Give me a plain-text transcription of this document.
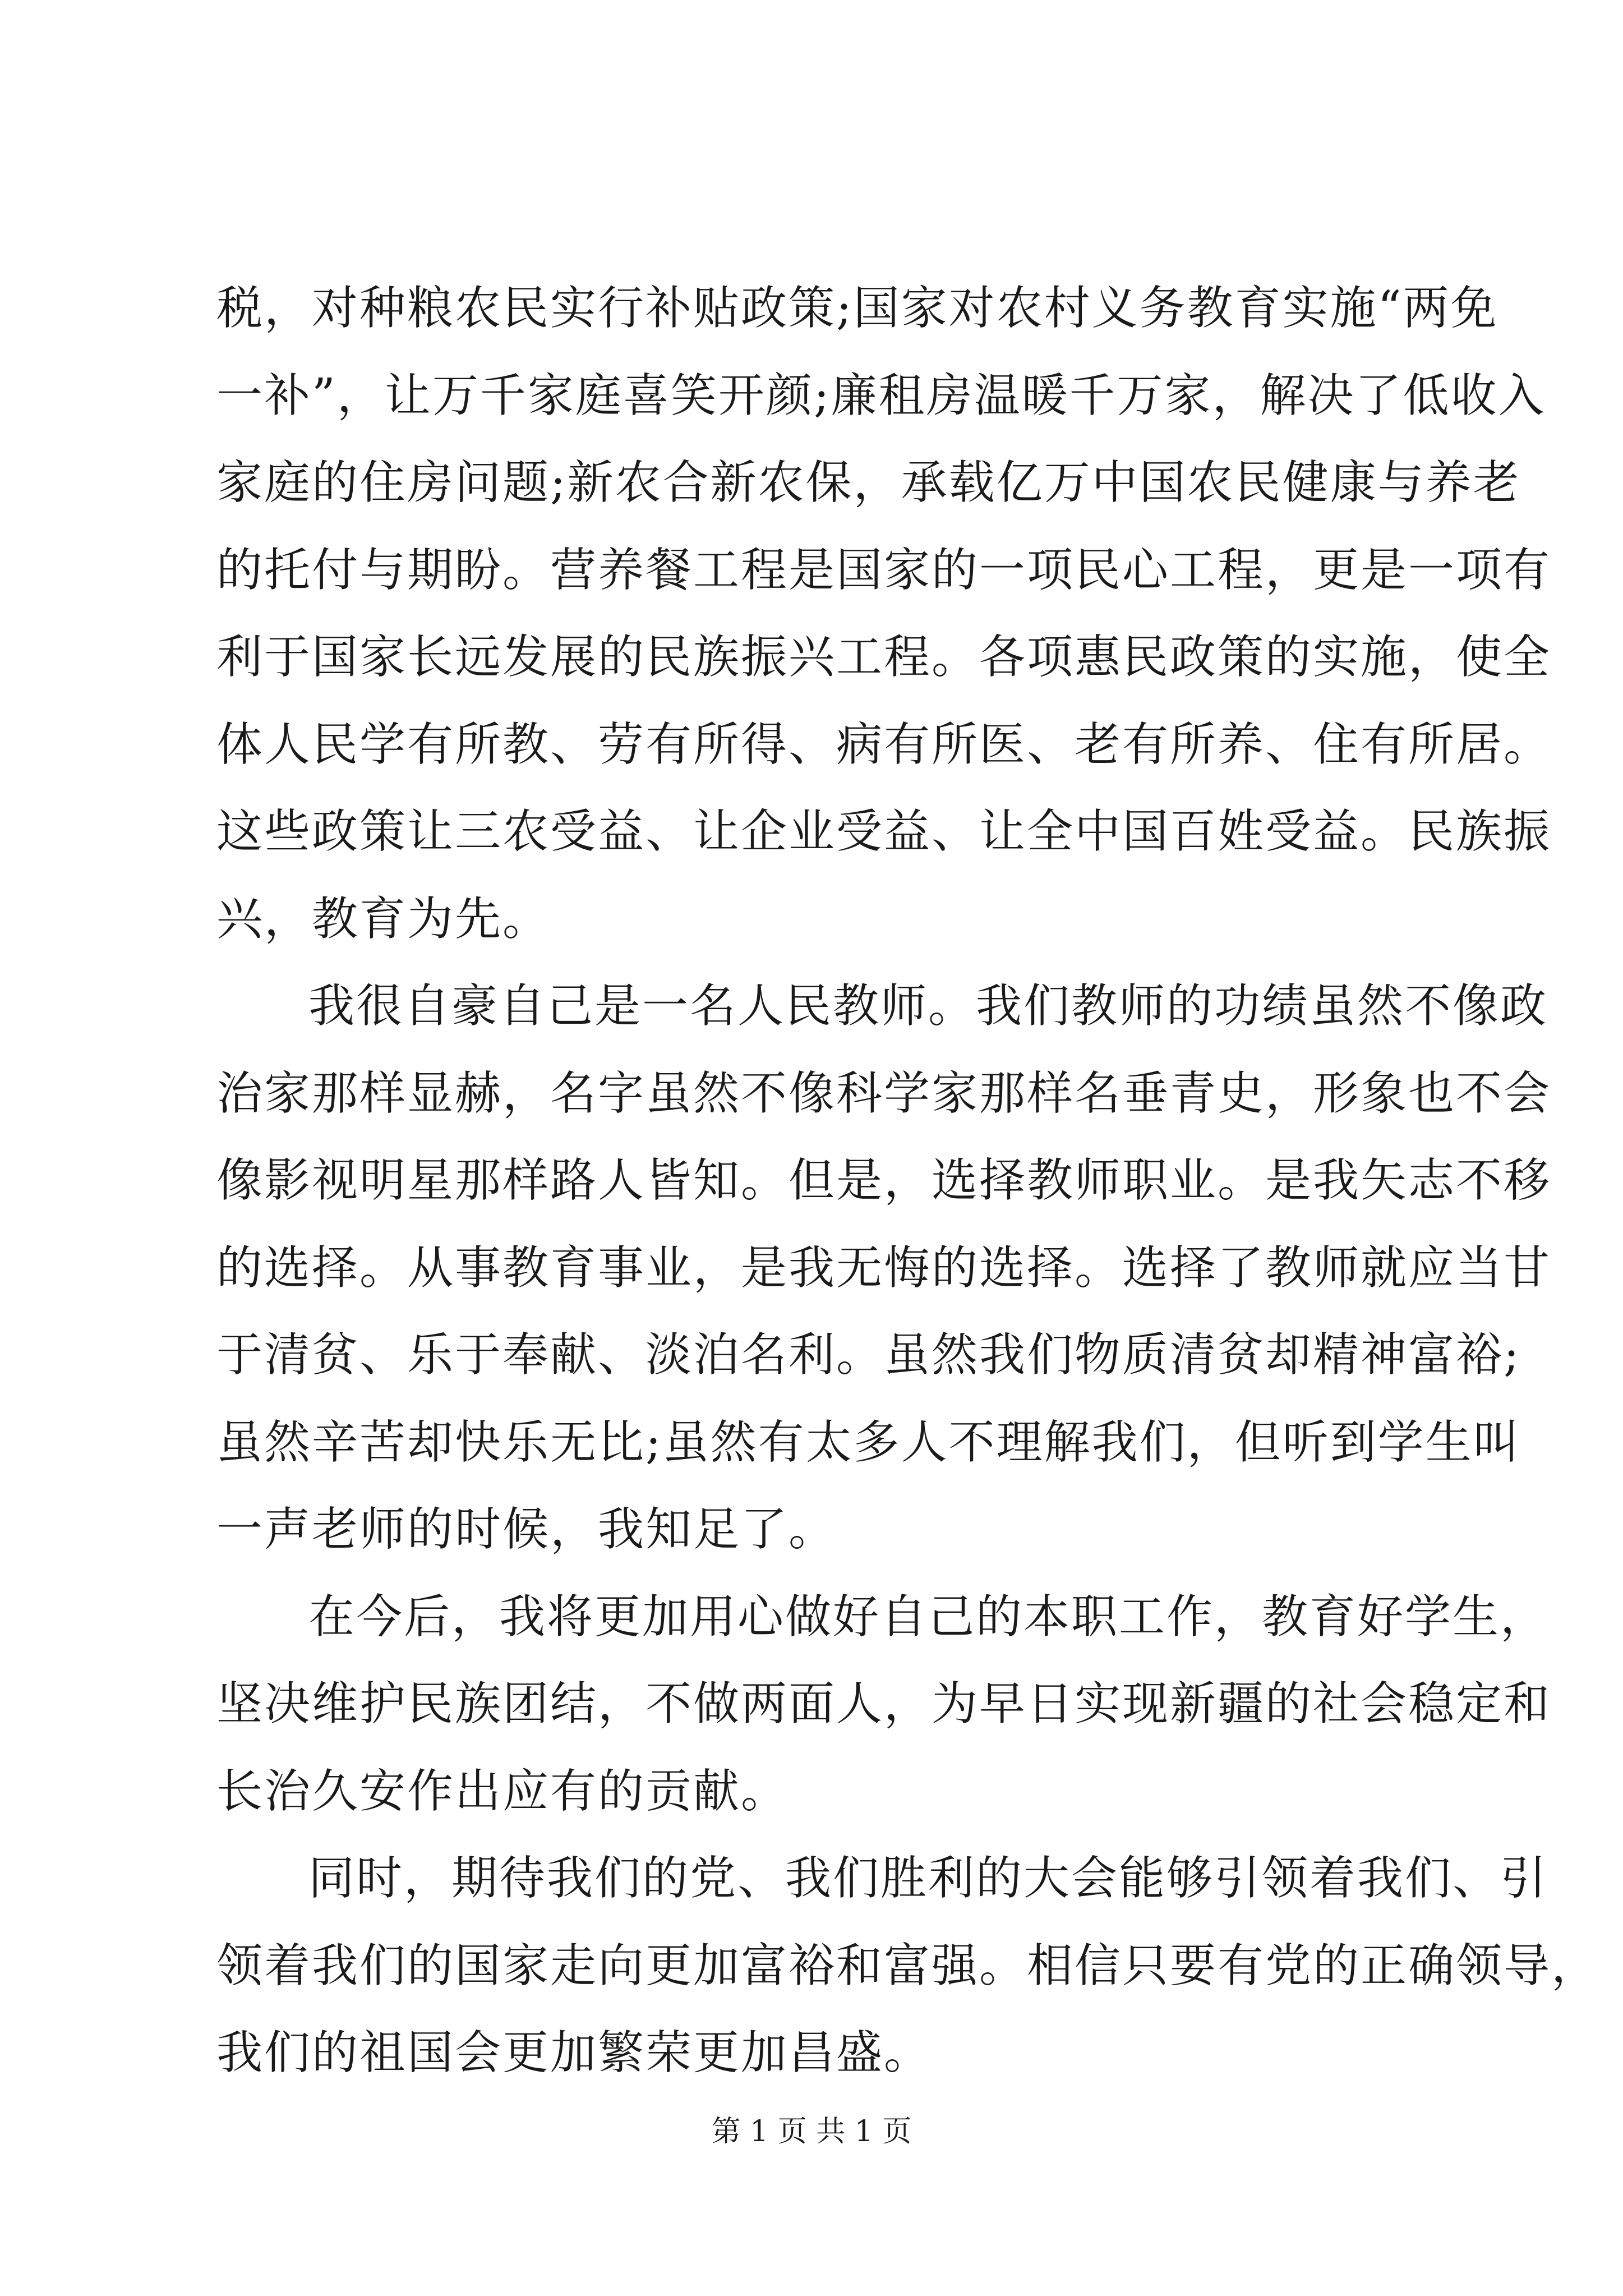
税，对种粮农民实行补贴政策;国家对农村义务教育实施“两免
一补”，让万千家庭喜笑开颜;廉租房温暖千万家，解决了低收入
家庭的住房问题;新农合新农保，承载亿万中国农民健康与养老
的托付与期盼。营养餐工程是国家的一项民心工程，更是一项有
利于国家长远发展的民族振兴工程。各项惠民政策的实施，使全
体人民学有所教、劳有所得、病有所医、老有所养、住有所居。
这些政策让三农受益、让企业受益、让全中国百姓受益。民族振
兴，教育为先。
我很自豪自己是一名人民教师。我们教师的功绩虽然不像政
治家那样显赫，名字虽然不像科学家那样名垂青史，形象也不会
像影视明星那样路人皆知。但是，选择教师职业。是我矢志不移
的选择。从事教育事业，是我无悔的选择。选择了教师就应当甘
于清贫、乐于奉献、淡泊名利。虽然我们物质清贫却精神富裕;
虽然辛苦却快乐无比;虽然有太多人不理解我们，但听到学生叫
一声老师的时候，我知足了。
在今后，我将更加用心做好自己的本职工作，教育好学生，
坚决维护民族团结，不做两面人，为早日实现新疆的社会稳定和
长治久安作出应有的贡献。
同时，期待我们的党、我们胜利的大会能够引领着我们、引
领着我们的国家走向更加富裕和富强。相信只要有党的正确领导，
我们的祖国会更加繁荣更加昌盛。
第 1 页 共 1 页
